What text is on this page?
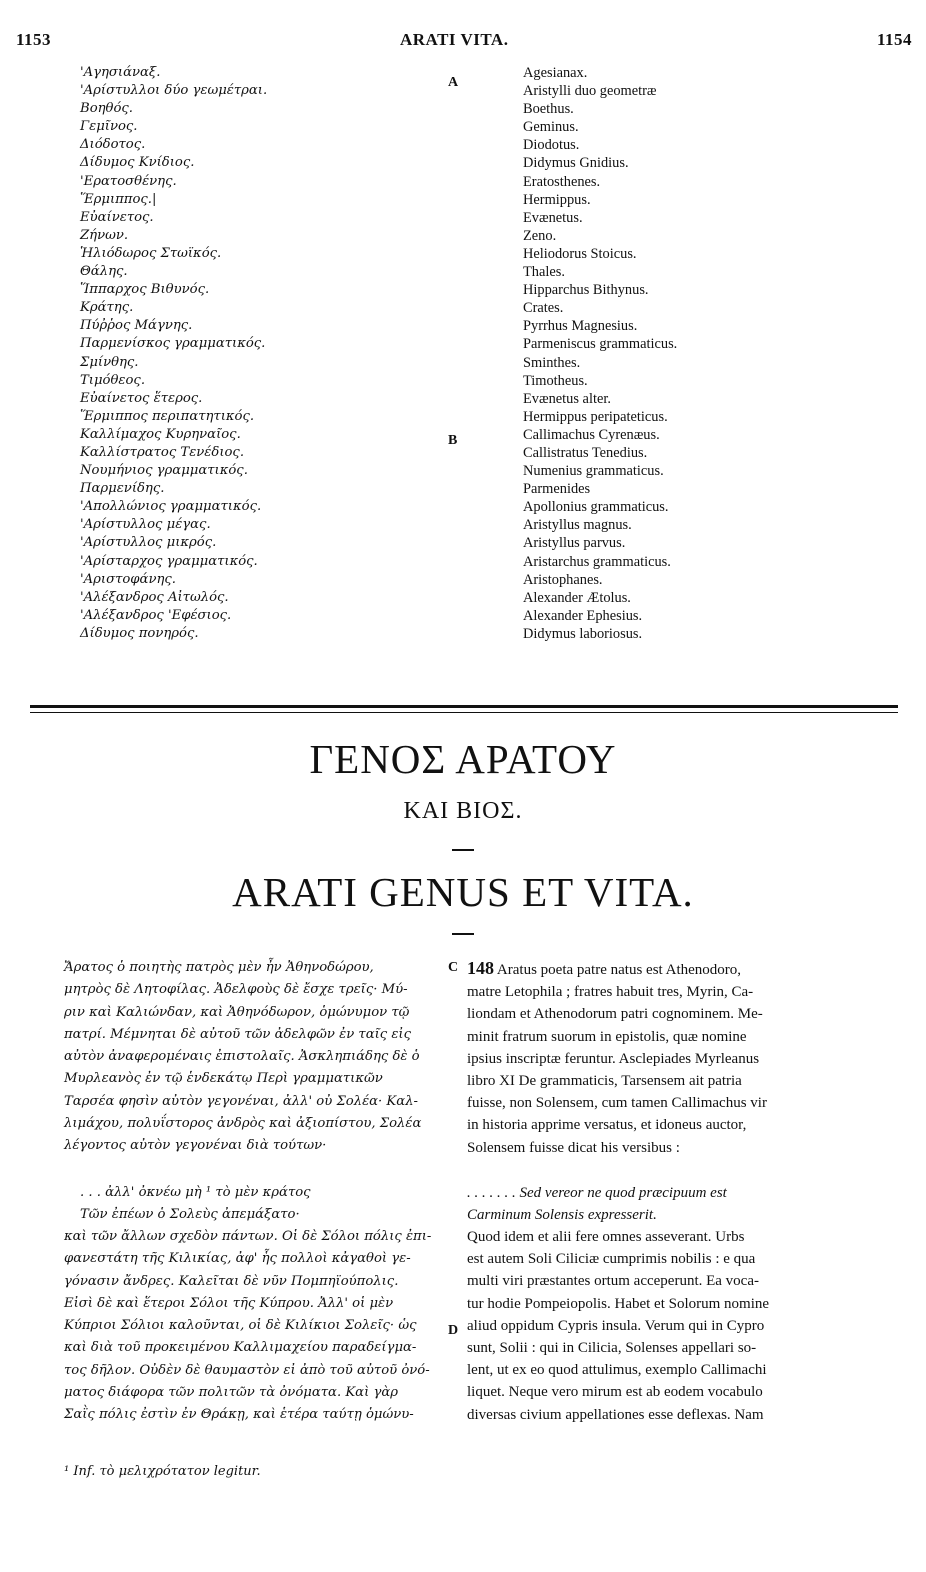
1153	ARATI VITA.	1154
'Αγησιάναξ.
'Αρίστυλλοι δύο γεωμέτραι.
Βοηθός.
Γεμῖνος.
Διόδοτος.
Δίδυμος Κνίδιος.
'Ερατοσθένης.
Ἕρμιππος.|
Εὐαίνετος.
Ζήνων.
Ἡλιόδωρος Στωϊκός.
Θάλης.
Ἵππαρχος Βιθυνός.
Κράτης.
Πύῤῥος Μάγνης.
Παρμενίσκος γραμματικός.
Σμίνθης.
Τιμόθεος.
Εὐαίνετος ἕτερος.
Ἕρμιππος περιπατητικός.
Καλλίμαχος Κυρηναῖος.
Καλλίστρατος Τενέδιος.
Νουμήνιος γραμματικός.
Παρμενίδης.
'Απολλώνιος γραμματικός.
'Αρίστυλλος μέγας.
'Αρίστυλλος μικρός.
'Αρίσταρχος γραμματικός.
'Αριστοφάνης.
'Αλέξανδρος Αἰτωλός.
'Αλέξανδρος 'Εφέσιος.
Δίδυμος πονηρός.
Agesianax.
Aristylli duo geometræ
Boethus.
Geminus.
Diodotus.
Didymus Gnidius.
Eratosthenes.
Hermippus.
Evænetus.
Zeno.
Heliodorus Stoicus.
Thales.
Hipparchus Bithynus.
Crates.
Pyrrhus Magnesius.
Parmeniscus grammaticus.
Sminthes.
Timotheus.
Evænetus alter.
Hermippus peripateticus.
Callimachus Cyrenæus.
Callistratus Tenedius.
Numenius grammaticus.
Parmenides
Apollonius grammaticus.
Aristyllus magnus.
Aristyllus parvus.
Aristarchus grammaticus.
Aristophanes.
Alexander Ætolus.
Alexander Ephesius.
Didymus laboriosus.
A
B
ΓΕΝΟΣ ΑΡΑΤΟΥ
ΚΑΙ ΒΙΟΣ.
ARATI GENUS ET VITA.
Ἄρατος ὁ ποιητὴς πατρὸς μὲν ἦν Ἀθηνοδώρου,
μητρὸς δὲ Λητοφίλας. Ἀδελφοὺς δὲ ἔσχε τρεῖς· Μύ-
ριν καὶ Καλιώνδαν, καὶ Ἀθηνόδωρον, ὁμώνυμον τῷ
πατρί. Μέμνηται δὲ αὐτοῦ τῶν ἀδελφῶν ἐν ταῖς εἰς
αὐτὸν ἀναφερομέναις ἐπιστολαῖς. Ἀσκληπιάδης δὲ ὁ
Μυρλεανὸς ἐν τῷ ἑνδεκάτῳ Περὶ γραμματικῶν
Ταρσέα φησὶν αὐτὸν γεγονέναι, ἀλλ' οὐ Σολέα· Καλ-
λιμάχου, πολυΐστορος ἀνδρὸς καὶ ἀξιοπίστου, Σολέα
λέγοντος αὐτὸν γεγονέναι διὰ τούτων·
. . . ἀλλ' ὀκνέω μὴ ¹ τὸ μὲν κράτος
Τῶν ἐπέων ὁ Σολεὺς ἀπεμάξατο·
καὶ τῶν ἄλλων σχεδὸν πάντων. Οἱ δὲ Σόλοι πόλις ἐπι-
φανεστάτη τῆς Κιλικίας, ἀφ' ἧς πολλοὶ κἀγαθοὶ γε-
γόνασιν ἄνδρες. Καλεῖται δὲ νῦν Πομπηϊούπολις.
Εἰσὶ δὲ καὶ ἕτεροι Σόλοι τῆς Κύπρου. Ἀλλ' οἱ μὲν
Κύπριοι Σόλιοι καλοῦνται, οἱ δὲ Κιλίκιοι Σολεῖς· ὡς
καὶ διὰ τοῦ προκειμένου Καλλιμαχείου παραδείγμα-
τος δῆλον. Οὐδὲν δὲ θαυμαστὸν εἰ ἀπὸ τοῦ αὐτοῦ ὀνό-
ματος διάφορα τῶν πολιτῶν τὰ ὀνόματα. Καὶ γὰρ
Σαῒς πόλις ἐστὶν ἐν Θράκῃ, καὶ ἑτέρα ταύτῃ ὁμώνυ-
C
D
148 Aratus poeta patre natus est Athenodoro,
matre Letophila ; fratres habuit tres, Myrin, Ca-
liondam et Athenodorum patri cognominem. Me-
minit fratrum suorum in epistolis, quæ nomine
ipsius inscriptæ feruntur. Asclepiades Myrleanus
libro XI De grammaticis, Tarsensem ait patria
fuisse, non Solensem, cum tamen Callimachus vir
in historia apprime versatus, et idoneus auctor,
Solensem fuisse dicat his versibus :
. . . . . . . Sed vereor ne quod præcipuum est
Carminum Solensis expresserit.
Quod idem et alii fere omnes asseverant. Urbs
est autem Soli Ciliciæ cumprimis nobilis : e qua
multi viri præstantes ortum acceperunt. Ea voca-
tur hodie Pompeiopolis. Habet et Solorum nomine
aliud oppidum Cypris insula. Verum qui in Cypro
sunt, Solii : qui in Cilicia, Solenses appellari so-
lent, ut ex eo quod attulimus, exemplo Callimachi
liquet. Neque vero mirum est ab eodem vocabulo
diversas civium appellationes esse deflexas. Nam
¹ Inf. τὸ μελιχρότατον legitur.
